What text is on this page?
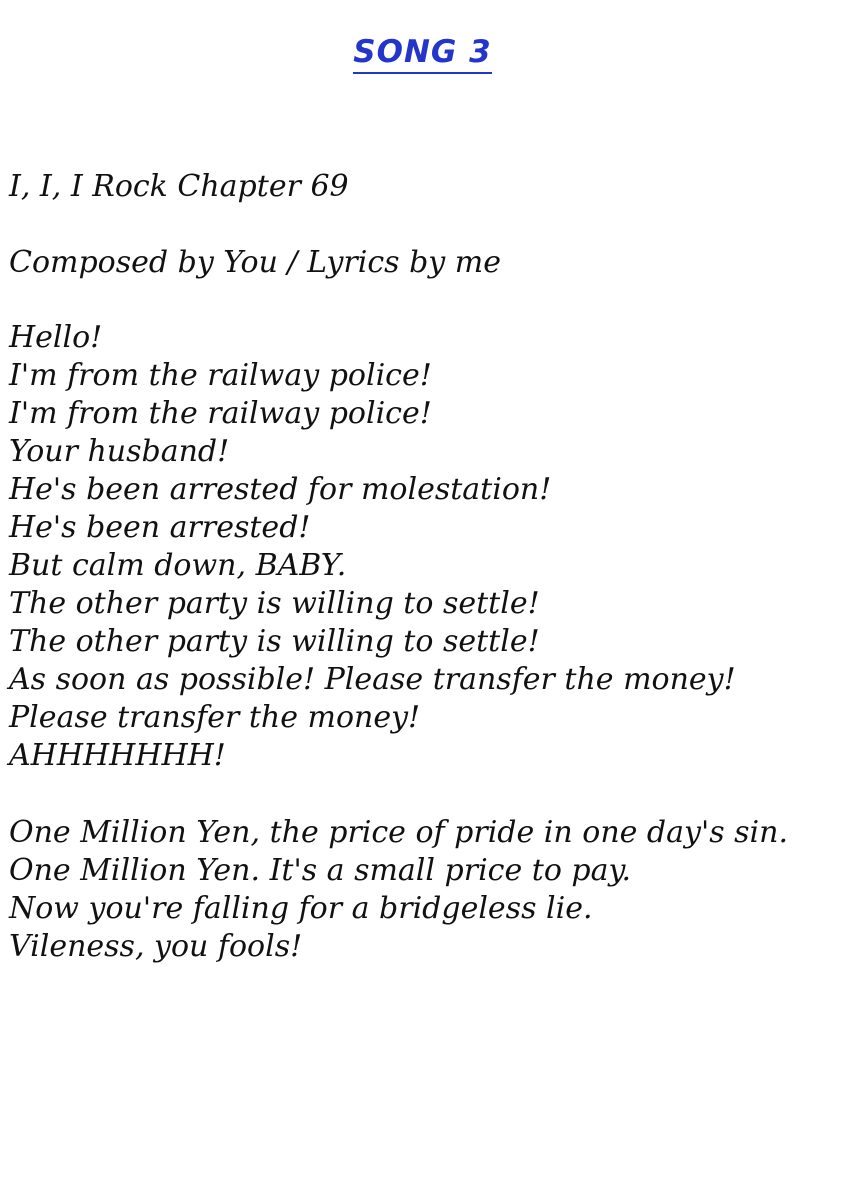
SONG 3
I, I, I Rock Chapter 69
Composed by You / Lyrics by me
Hello!
I'm from the railway police!
I'm from the railway police!
Your husband!
He's been arrested for molestation!
He's been arrested!
But calm down, BABY.
The other party is willing to settle!
The other party is willing to settle!
As soon as possible! Please transfer the money!
Please transfer the money!
AHHHHHHH!
One Million Yen, the price of pride in one day's sin.
One Million Yen. It's a small price to pay.
Now you're falling for a bridgeless lie.
Vileness, you fools!
